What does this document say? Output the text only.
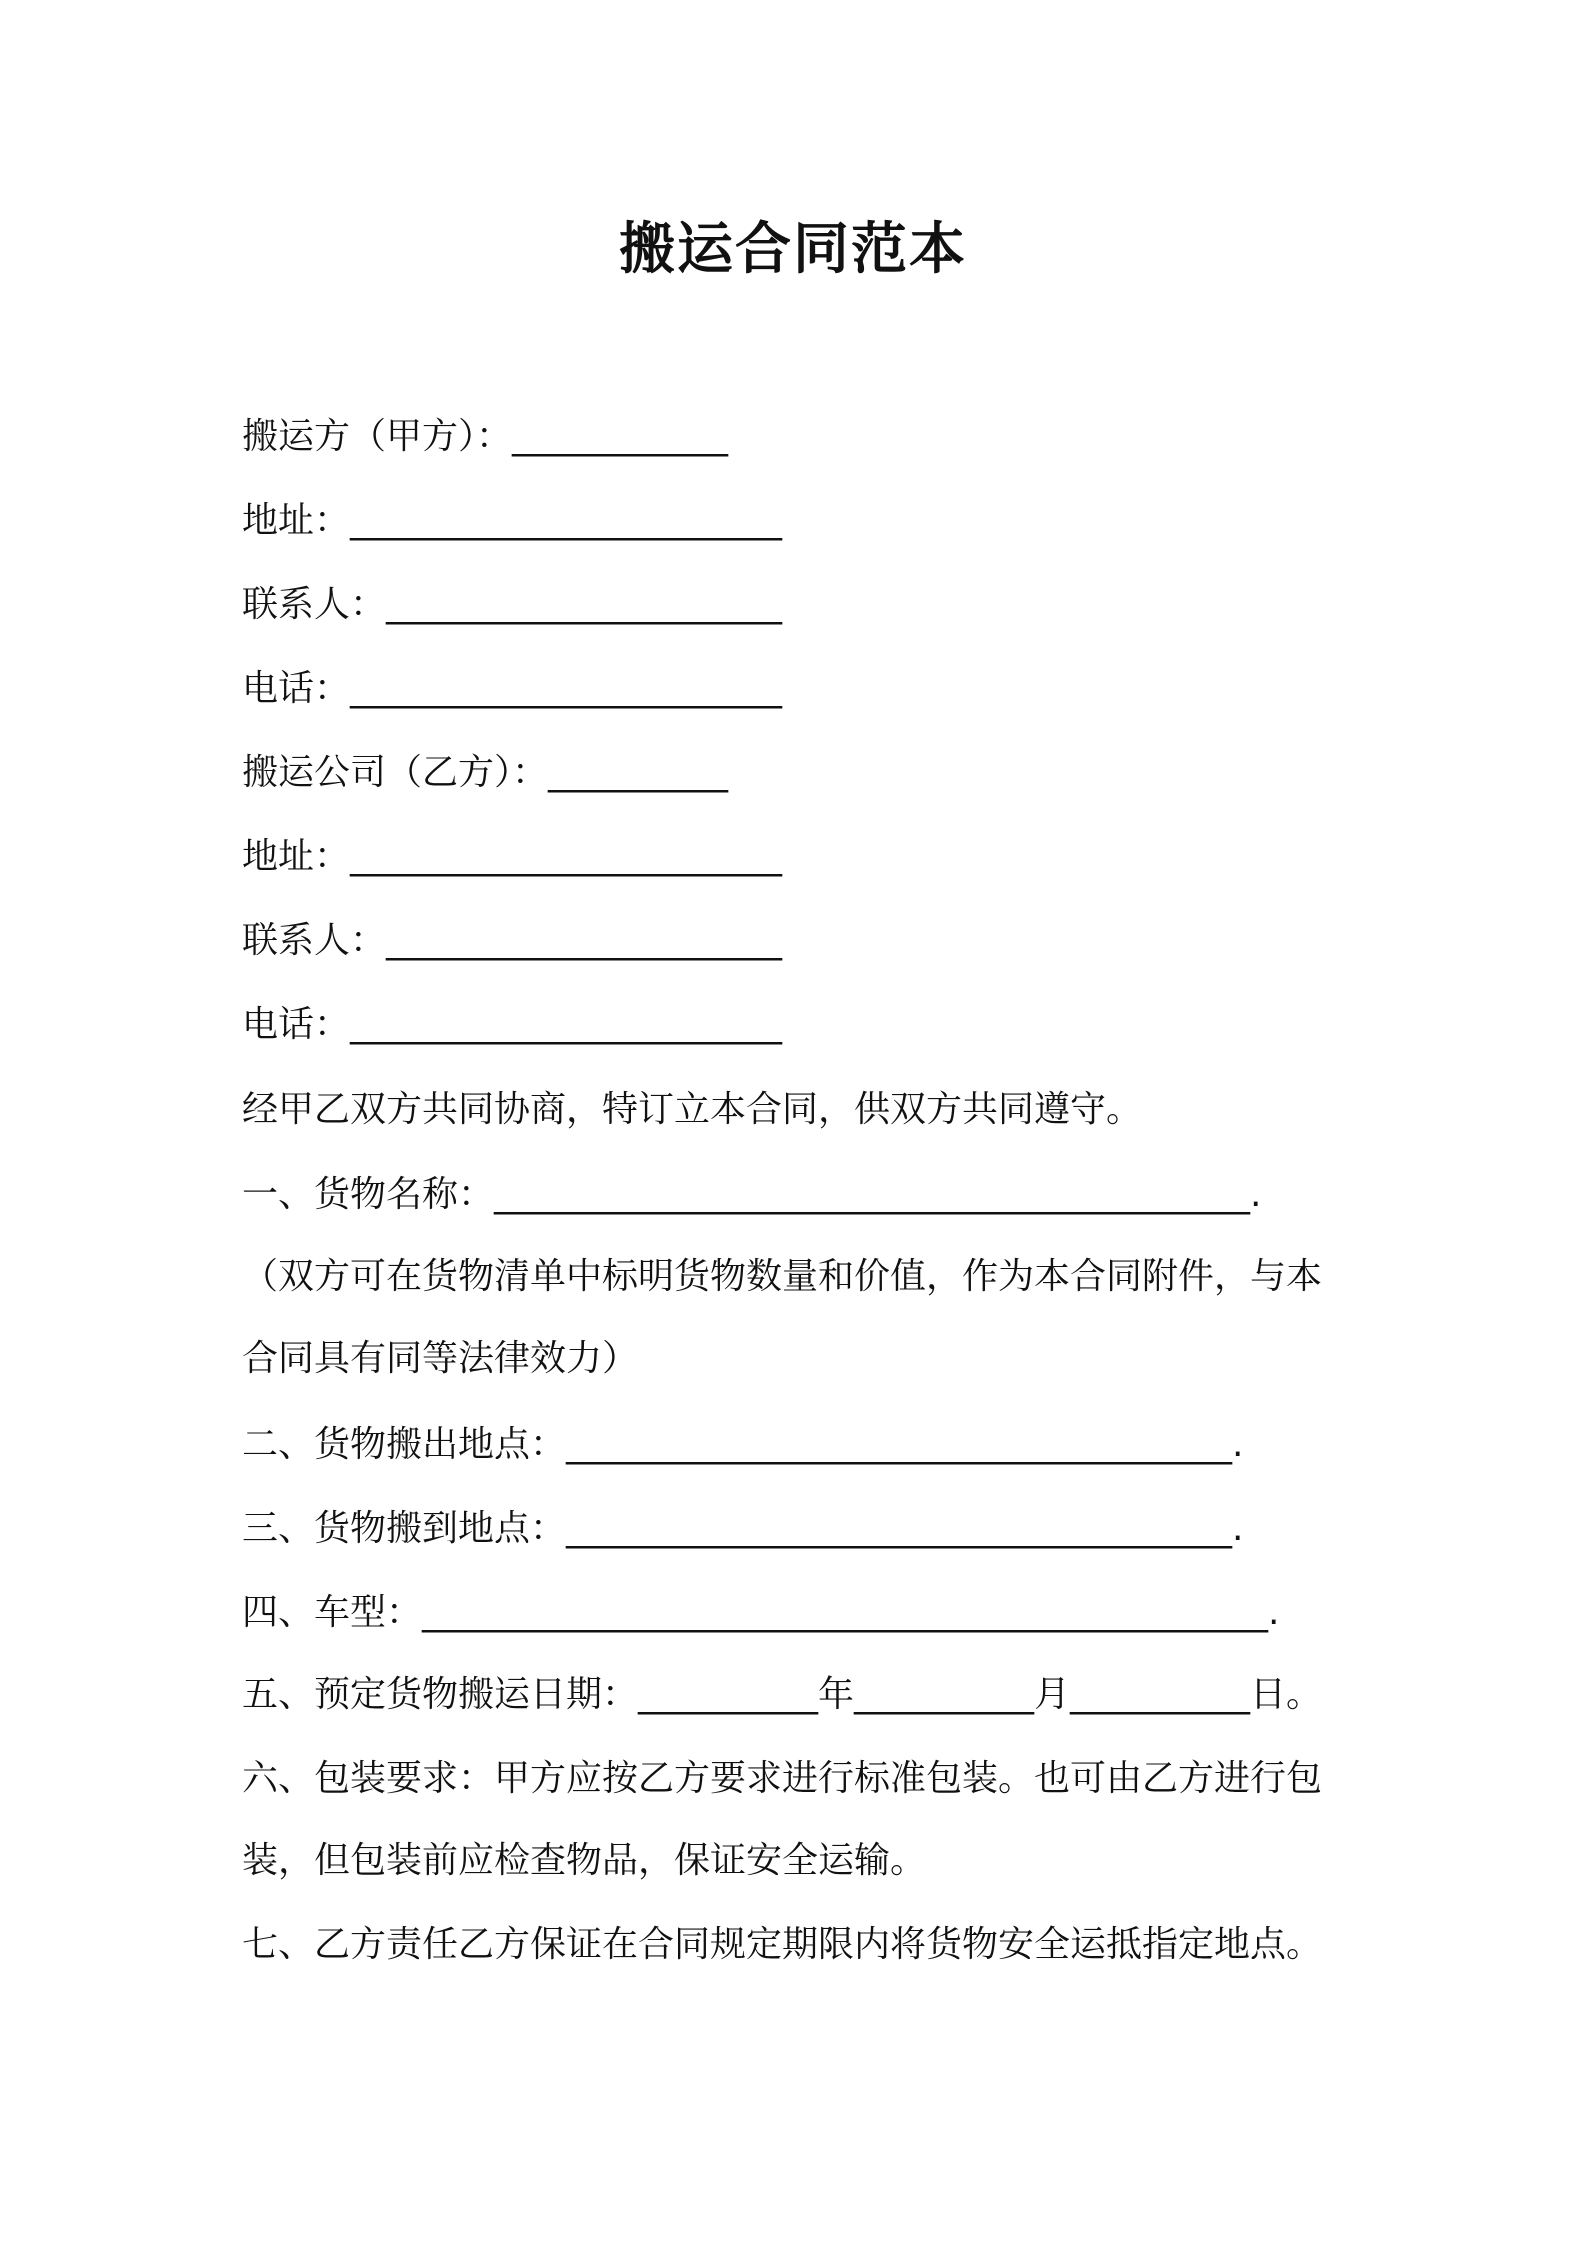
搬运合同范本
搬运方（甲方）：____________
地址：________________________
联系人：______________________
电话：________________________
搬运公司（乙方）：__________
地址：________________________
联系人：______________________
电话：________________________
经甲乙双方共同协商，特订立本合同，供双方共同遵守。
一、货物名称：__________________________________________.
（双方可在货物清单中标明货物数量和价值，作为本合同附件，与本
合同具有同等法律效力）
二、货物搬出地点：_____________________________________.
三、货物搬到地点：_____________________________________.
四、车型：_______________________________________________.
五、预定货物搬运日期：__________年__________月__________日。
六、包装要求：甲方应按乙方要求进行标准包装。也可由乙方进行包
装，但包装前应检查物品，保证安全运输。
七、乙方责任乙方保证在合同规定期限内将货物安全运抵指定地点。
